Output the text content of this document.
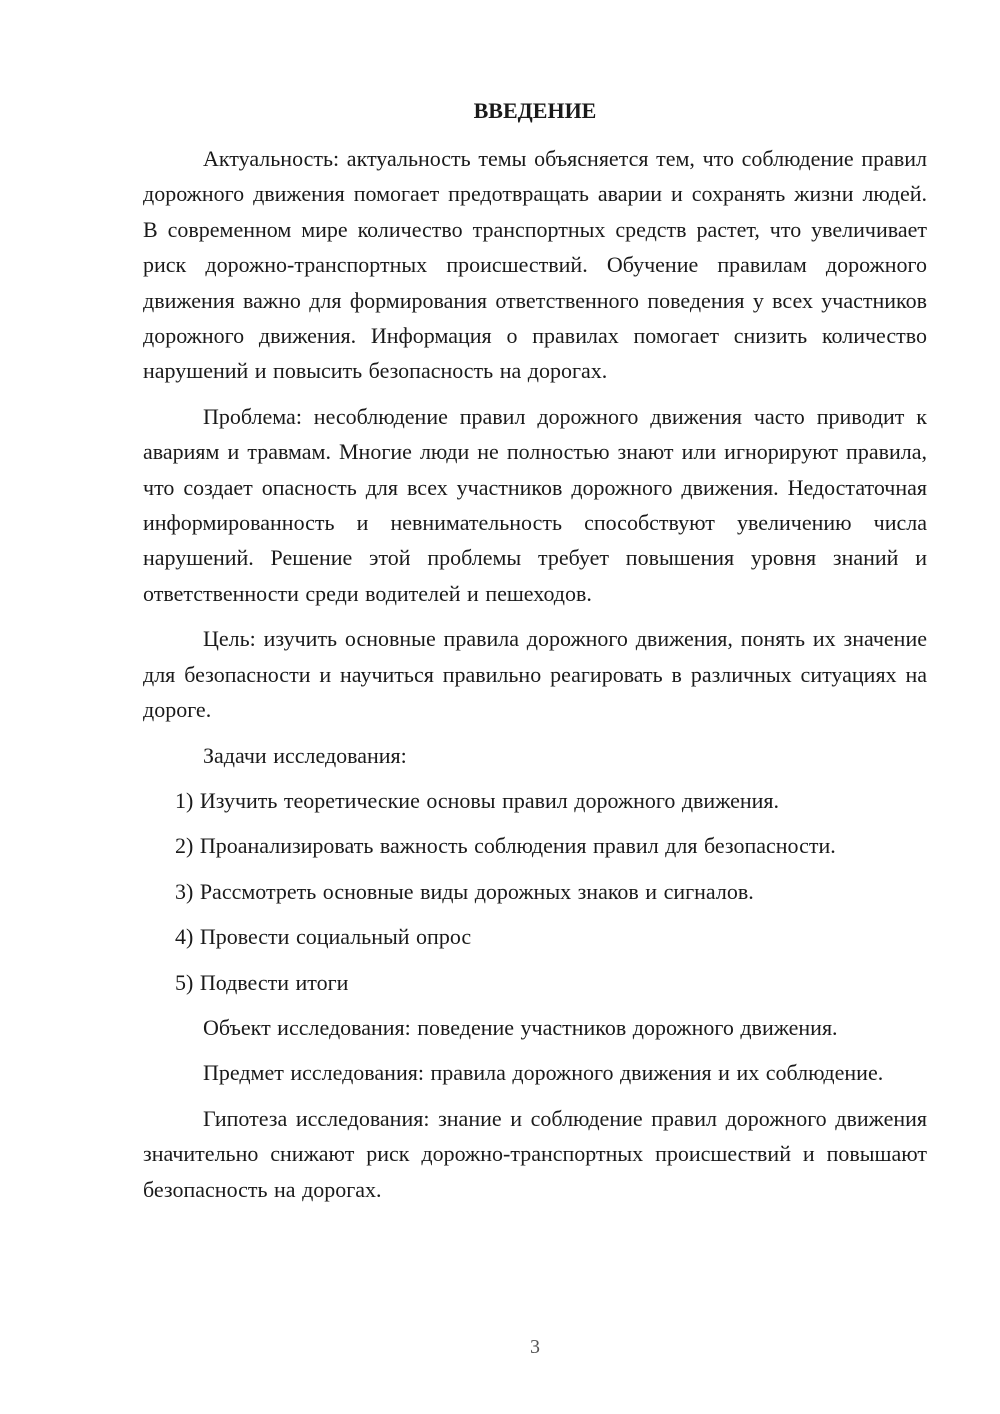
ВВЕДЕНИЕ

Актуальность: актуальность темы объясняется тем, что соблюдение правил дорожного движения помогает предотвращать аварии и сохранять жизни людей. В современном мире количество транспортных средств растет, что увеличивает риск дорожно-транспортных происшествий. Обучение правилам дорожного движения важно для формирования ответственного поведения у всех участников дорожного движения. Информация о правилах помогает снизить количество нарушений и повысить безопасность на дорогах.

Проблема: несоблюдение правил дорожного движения часто приводит к авариям и травмам. Многие люди не полностью знают или игнорируют правила, что создает опасность для всех участников дорожного движения. Недостаточная информированность и невнимательность способствуют увеличению числа нарушений. Решение этой проблемы требует повышения уровня знаний и ответственности среди водителей и пешеходов.

Цель: изучить основные правила дорожного движения, понять их значение для безопасности и научиться правильно реагировать в различных ситуациях на дороге.

Задачи исследования:

1) Изучить теоретические основы правил дорожного движения.

2) Проанализировать важность соблюдения правил для безопасности.

3) Рассмотреть основные виды дорожных знаков и сигналов.

4) Провести социальный опрос

5) Подвести итоги

Объект исследования: поведение участников дорожного движения.

Предмет исследования: правила дорожного движения и их соблюдение.

Гипотеза исследования: знание и соблюдение правил дорожного движения значительно снижают риск дорожно-транспортных происшествий и повышают безопасность на дорогах.

3
